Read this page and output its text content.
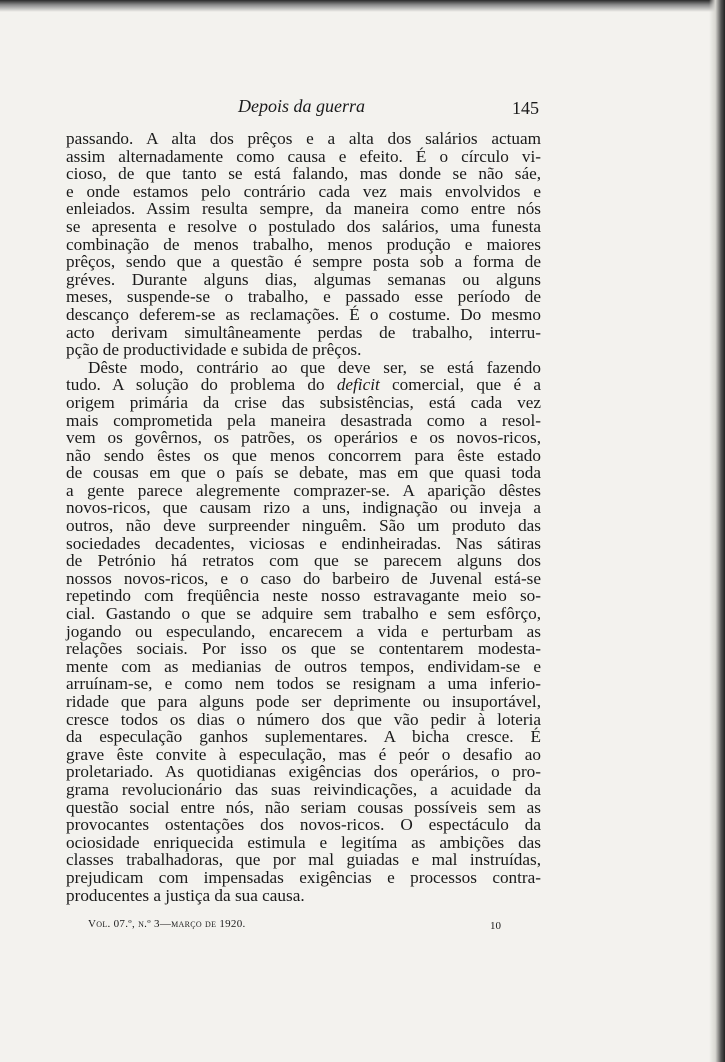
Depois da guerra	145
passando. A alta dos prêços e a alta dos salários actuam
assim alternadamente como causa e efeito. É o círculo vi-
cioso, de que tanto se está falando, mas donde se não sáe,
e onde estamos pelo contrário cada vez mais envolvidos e
enleiados. Assim resulta sempre, da maneira como entre nós
se apresenta e resolve o postulado dos salários, uma funesta
combinação de menos trabalho, menos produção e maiores
prêços, sendo que a questão é sempre posta sob a forma de
gréves. Durante alguns dias, algumas semanas ou alguns
meses, suspende-se o trabalho, e passado esse período de
descanço deferem-se as reclamações. É o costume. Do mesmo
acto derivam simultâneamente perdas de trabalho, interru-
pção de productividade e subida de prêços.
Dêste modo, contrário ao que deve ser, se está fazendo
tudo. A solução do problema do deficit comercial, que é a
origem primária da crise das subsistências, está cada vez
mais comprometida pela maneira desastrada como a resol-
vem os govêrnos, os patrões, os operários e os novos-ricos,
não sendo êstes os que menos concorrem para êste estado
de cousas em que o país se debate, mas em que quasi toda
a gente parece alegremente comprazer-se. A aparição dêstes
novos-ricos, que causam rizo a uns, indignação ou inveja a
outros, não deve surpreender ninguêm. São um produto das
sociedades decadentes, viciosas e endinheiradas. Nas sátiras
de Petrónio há retratos com que se parecem alguns dos
nossos novos-ricos, e o caso do barbeiro de Juvenal está-se
repetindo com freqüência neste nosso estravagante meio so-
cial. Gastando o que se adquire sem trabalho e sem esfôrço,
jogando ou especulando, encarecem a vida e perturbam as
relações sociais. Por isso os que se contentarem modesta-
mente com as medianias de outros tempos, endividam-se e
arruínam-se, e como nem todos se resignam a uma inferio-
ridade que para alguns pode ser deprimente ou insuportável,
cresce todos os dias o número dos que vão pedir à loteria
da especulação ganhos suplementares. A bicha cresce. É
grave êste convite à especulação, mas é peór o desafio ao
proletariado. As quotidianas exigências dos operários, o pro-
grama revolucionário das suas reivindicações, a acuidade da
questão social entre nós, não seriam cousas possíveis sem as
provocantes ostentações dos novos-ricos. O espectáculo da
ociosidade enriquecida estimula e legitíma as ambições das
classes trabalhadoras, que por mal guiadas e mal instruídas,
prejudicam com impensadas exigências e processos contra-
producentes a justiça da sua causa.
Vol. 07.º, n.º 3—março de 1920.	10
